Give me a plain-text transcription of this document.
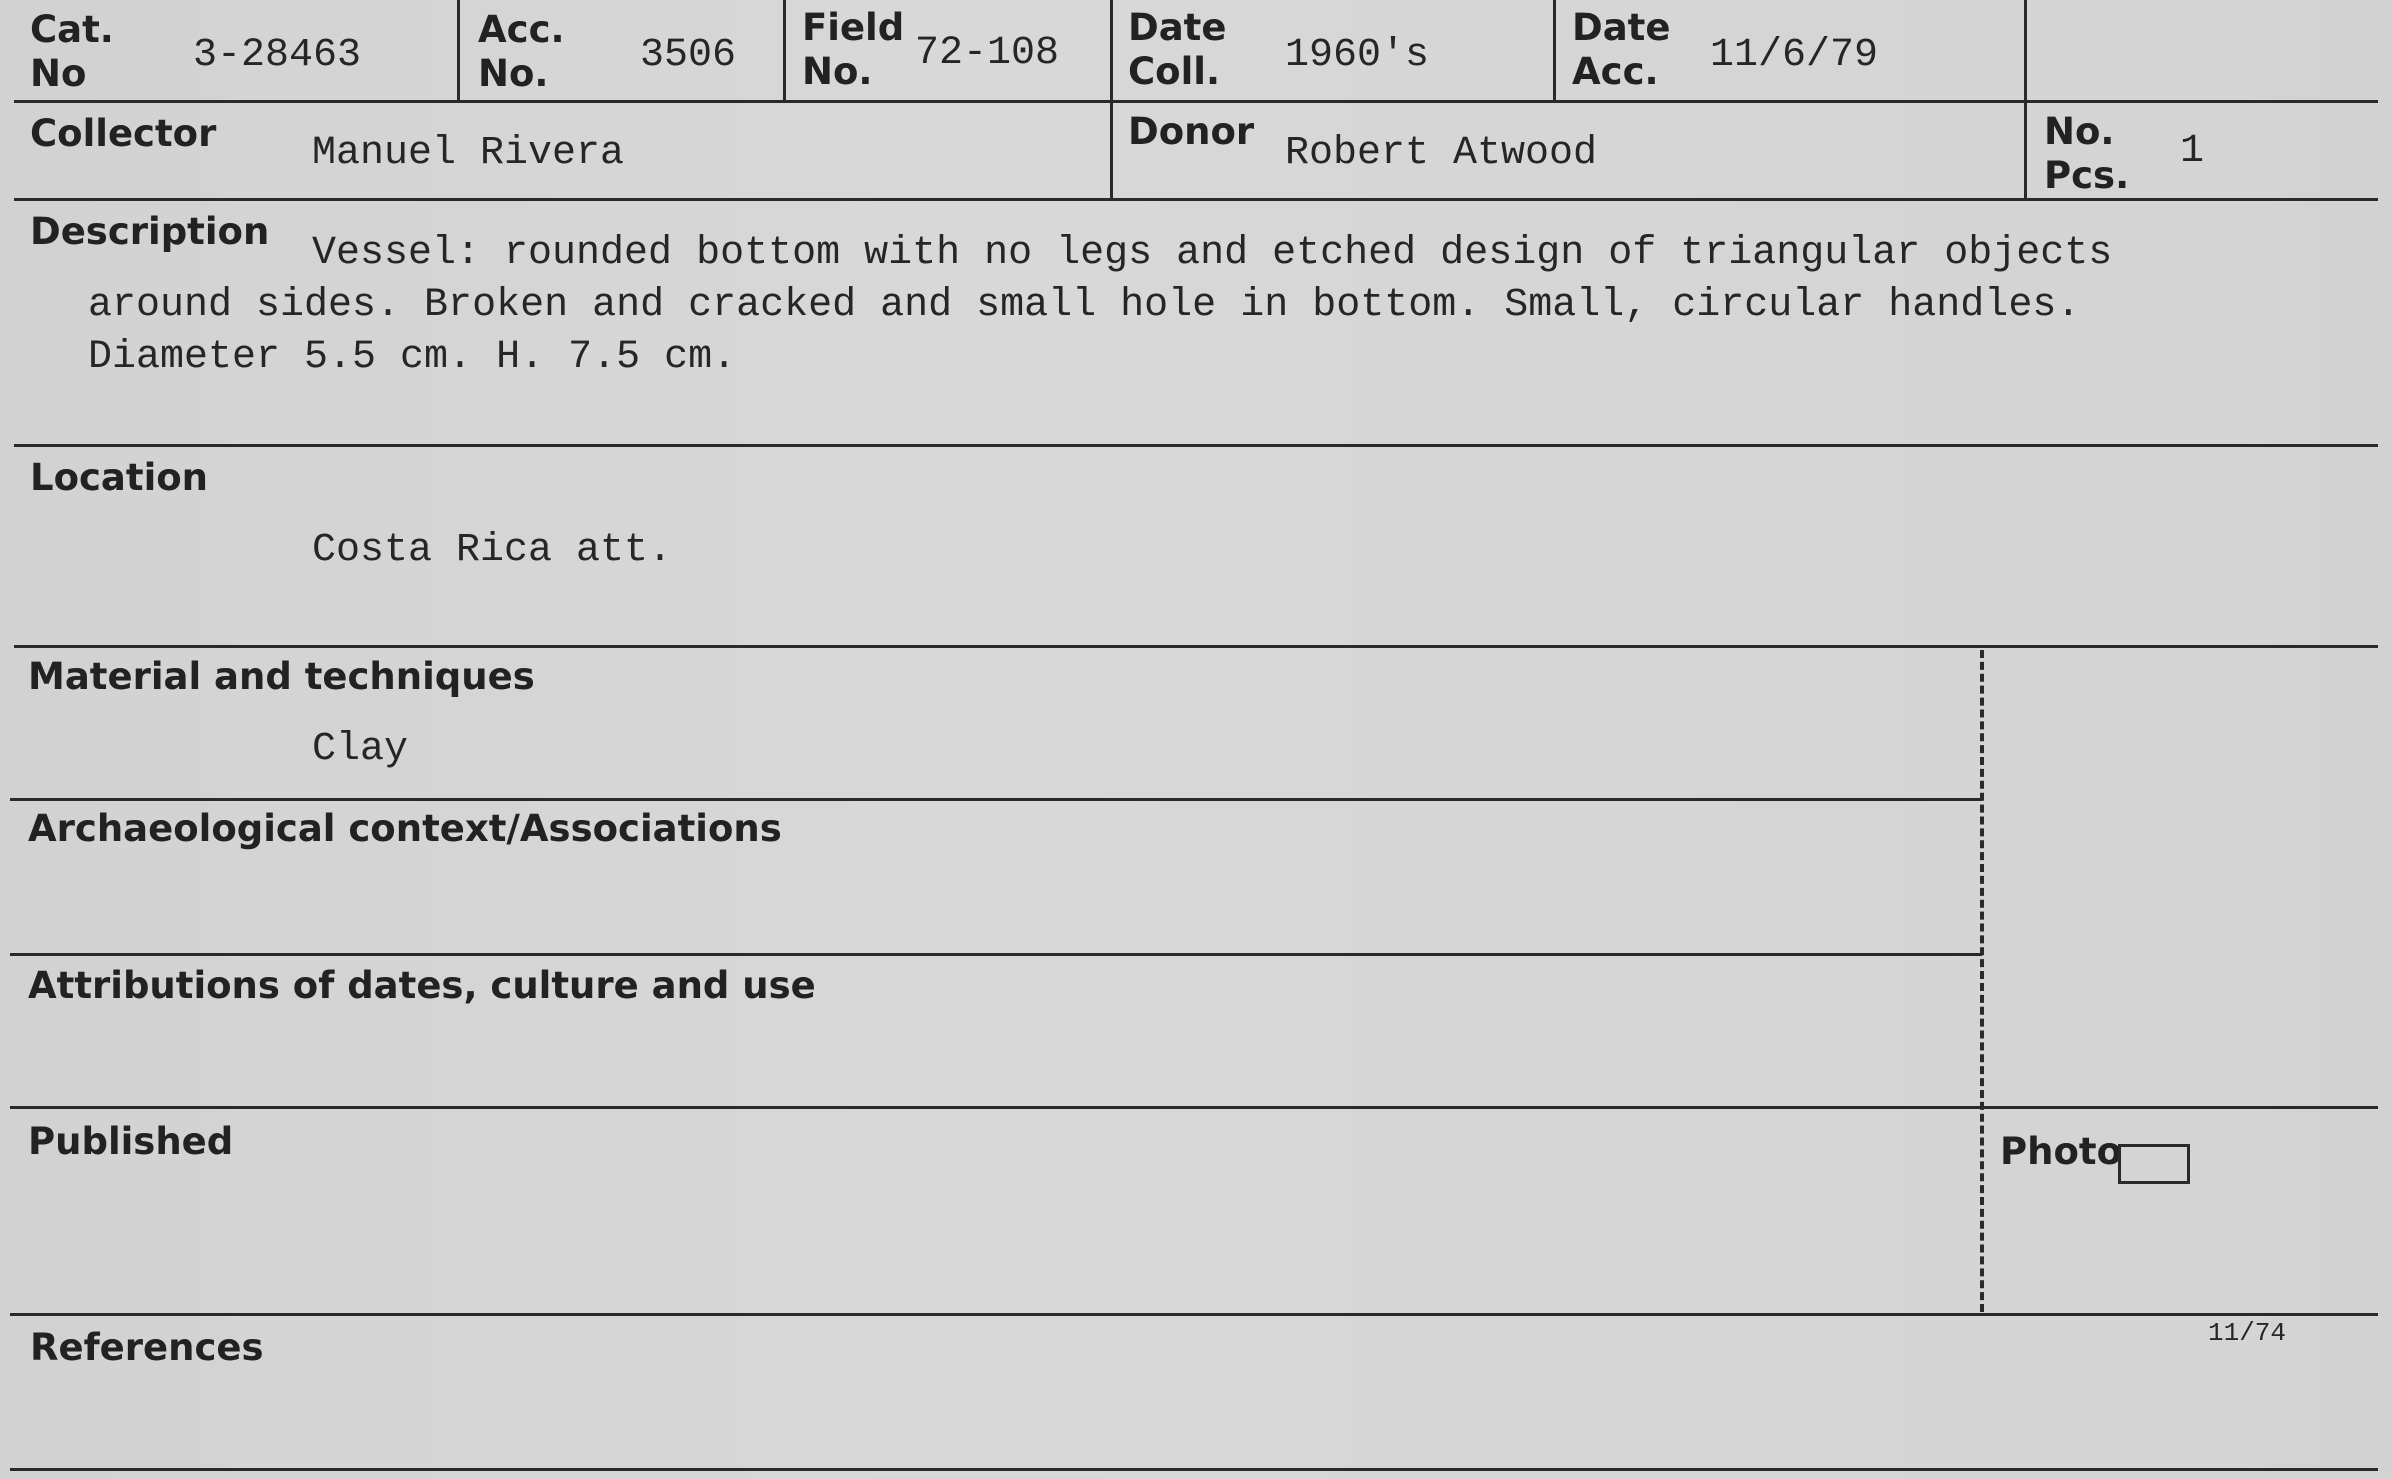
Cat.
No	3-28463
Acc.
No.	3506
Field
No.	72-108
Date
Coll. 1960's
Date
Acc. 11/6/79
Collector Manuel Rivera	Donor Robert Atwood	No.
Pcs.
1
Description Vessel: rounded bottom with no legs and etched design of triangular objects
around sides. Broken and cracked and small hole in bottom. Small, circular handles.
Diameter 5.5 cm. H. 7.5 cm.
Location
Costa Rica att.
Material and techniques
Clay
Archaeological context/Associations
Attributions of dates, culture and use
Published	Photo
References	11/74
